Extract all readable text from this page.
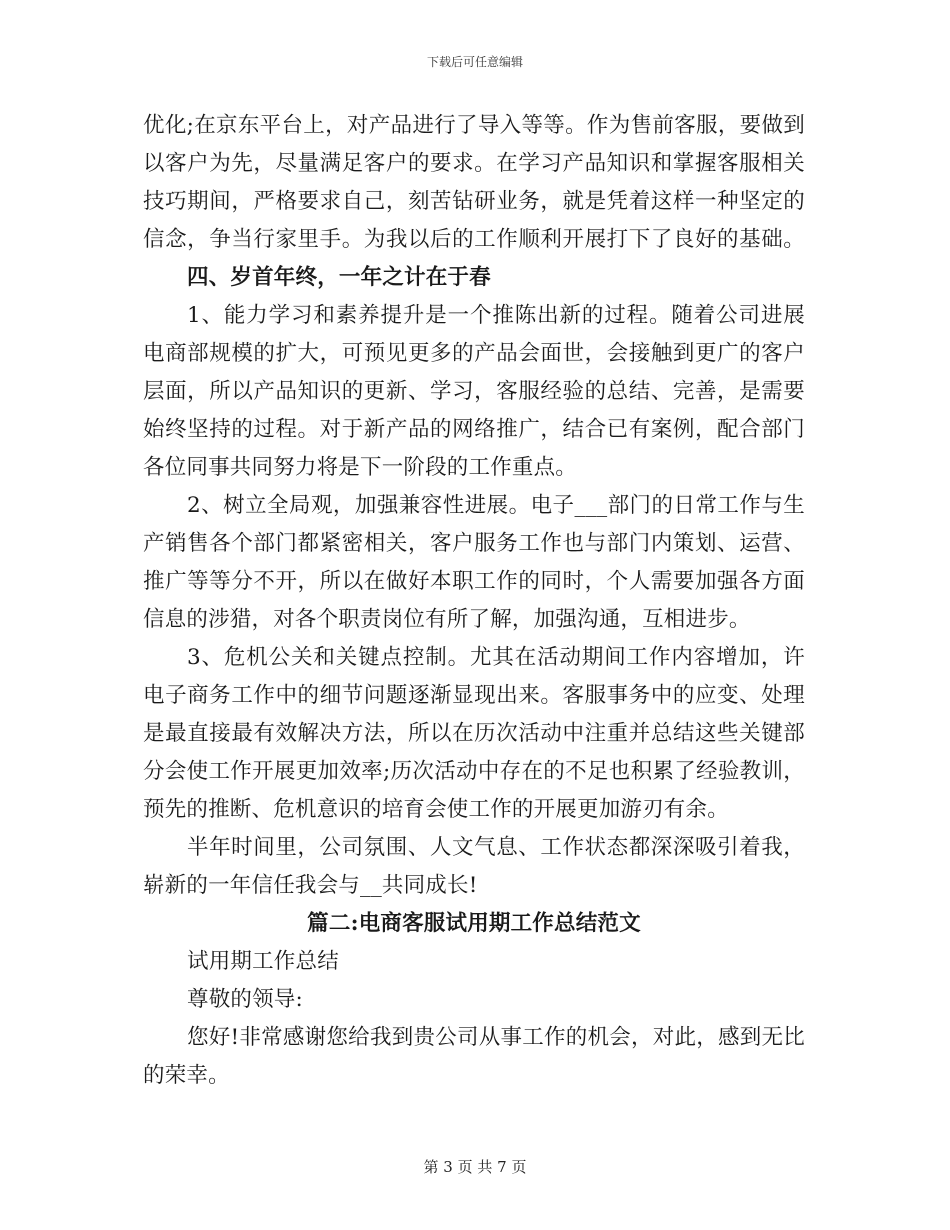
下载后可任意编辑
优化;在京东平台上，对产品进行了导入等等。作为售前客服，要做到
以客户为先，尽量满足客户的要求。在学习产品知识和掌握客服相关
技巧期间，严格要求自己，刻苦钻研业务，就是凭着这样一种坚定的
信念，争当行家里手。为我以后的工作顺利开展打下了良好的基础。
四、岁首年终，一年之计在于春
1、能力学习和素养提升是一个推陈出新的过程。随着公司进展
电商部规模的扩大，可预见更多的产品会面世，会接触到更广的客户
层面，所以产品知识的更新、学习，客服经验的总结、完善，是需要
始终坚持的过程。对于新产品的网络推广，结合已有案例，配合部门
各位同事共同努力将是下一阶段的工作重点。
2、树立全局观，加强兼容性进展。电子___部门的日常工作与生
产销售各个部门都紧密相关，客户服务工作也与部门内策划、运营、
推广等等分不开，所以在做好本职工作的同时，个人需要加强各方面
信息的涉猎，对各个职责岗位有所了解，加强沟通，互相进步。
3、危机公关和关键点控制。尤其在活动期间工作内容增加，许
电子商务工作中的细节问题逐渐显现出来。客服事务中的应变、处理
是最直接最有效解决方法，所以在历次活动中注重并总结这些关键部
分会使工作开展更加效率;历次活动中存在的不足也积累了经验教训，
预先的推断、危机意识的培育会使工作的开展更加游刃有余。
半年时间里，公司氛围、人文气息、工作状态都深深吸引着我，
崭新的一年信任我会与__共同成长!
篇二:电商客服试用期工作总结范文
试用期工作总结
尊敬的领导:
您好!非常感谢您给我到贵公司从事工作的机会，对此，感到无比
的荣幸。
第 3 页 共 7 页
